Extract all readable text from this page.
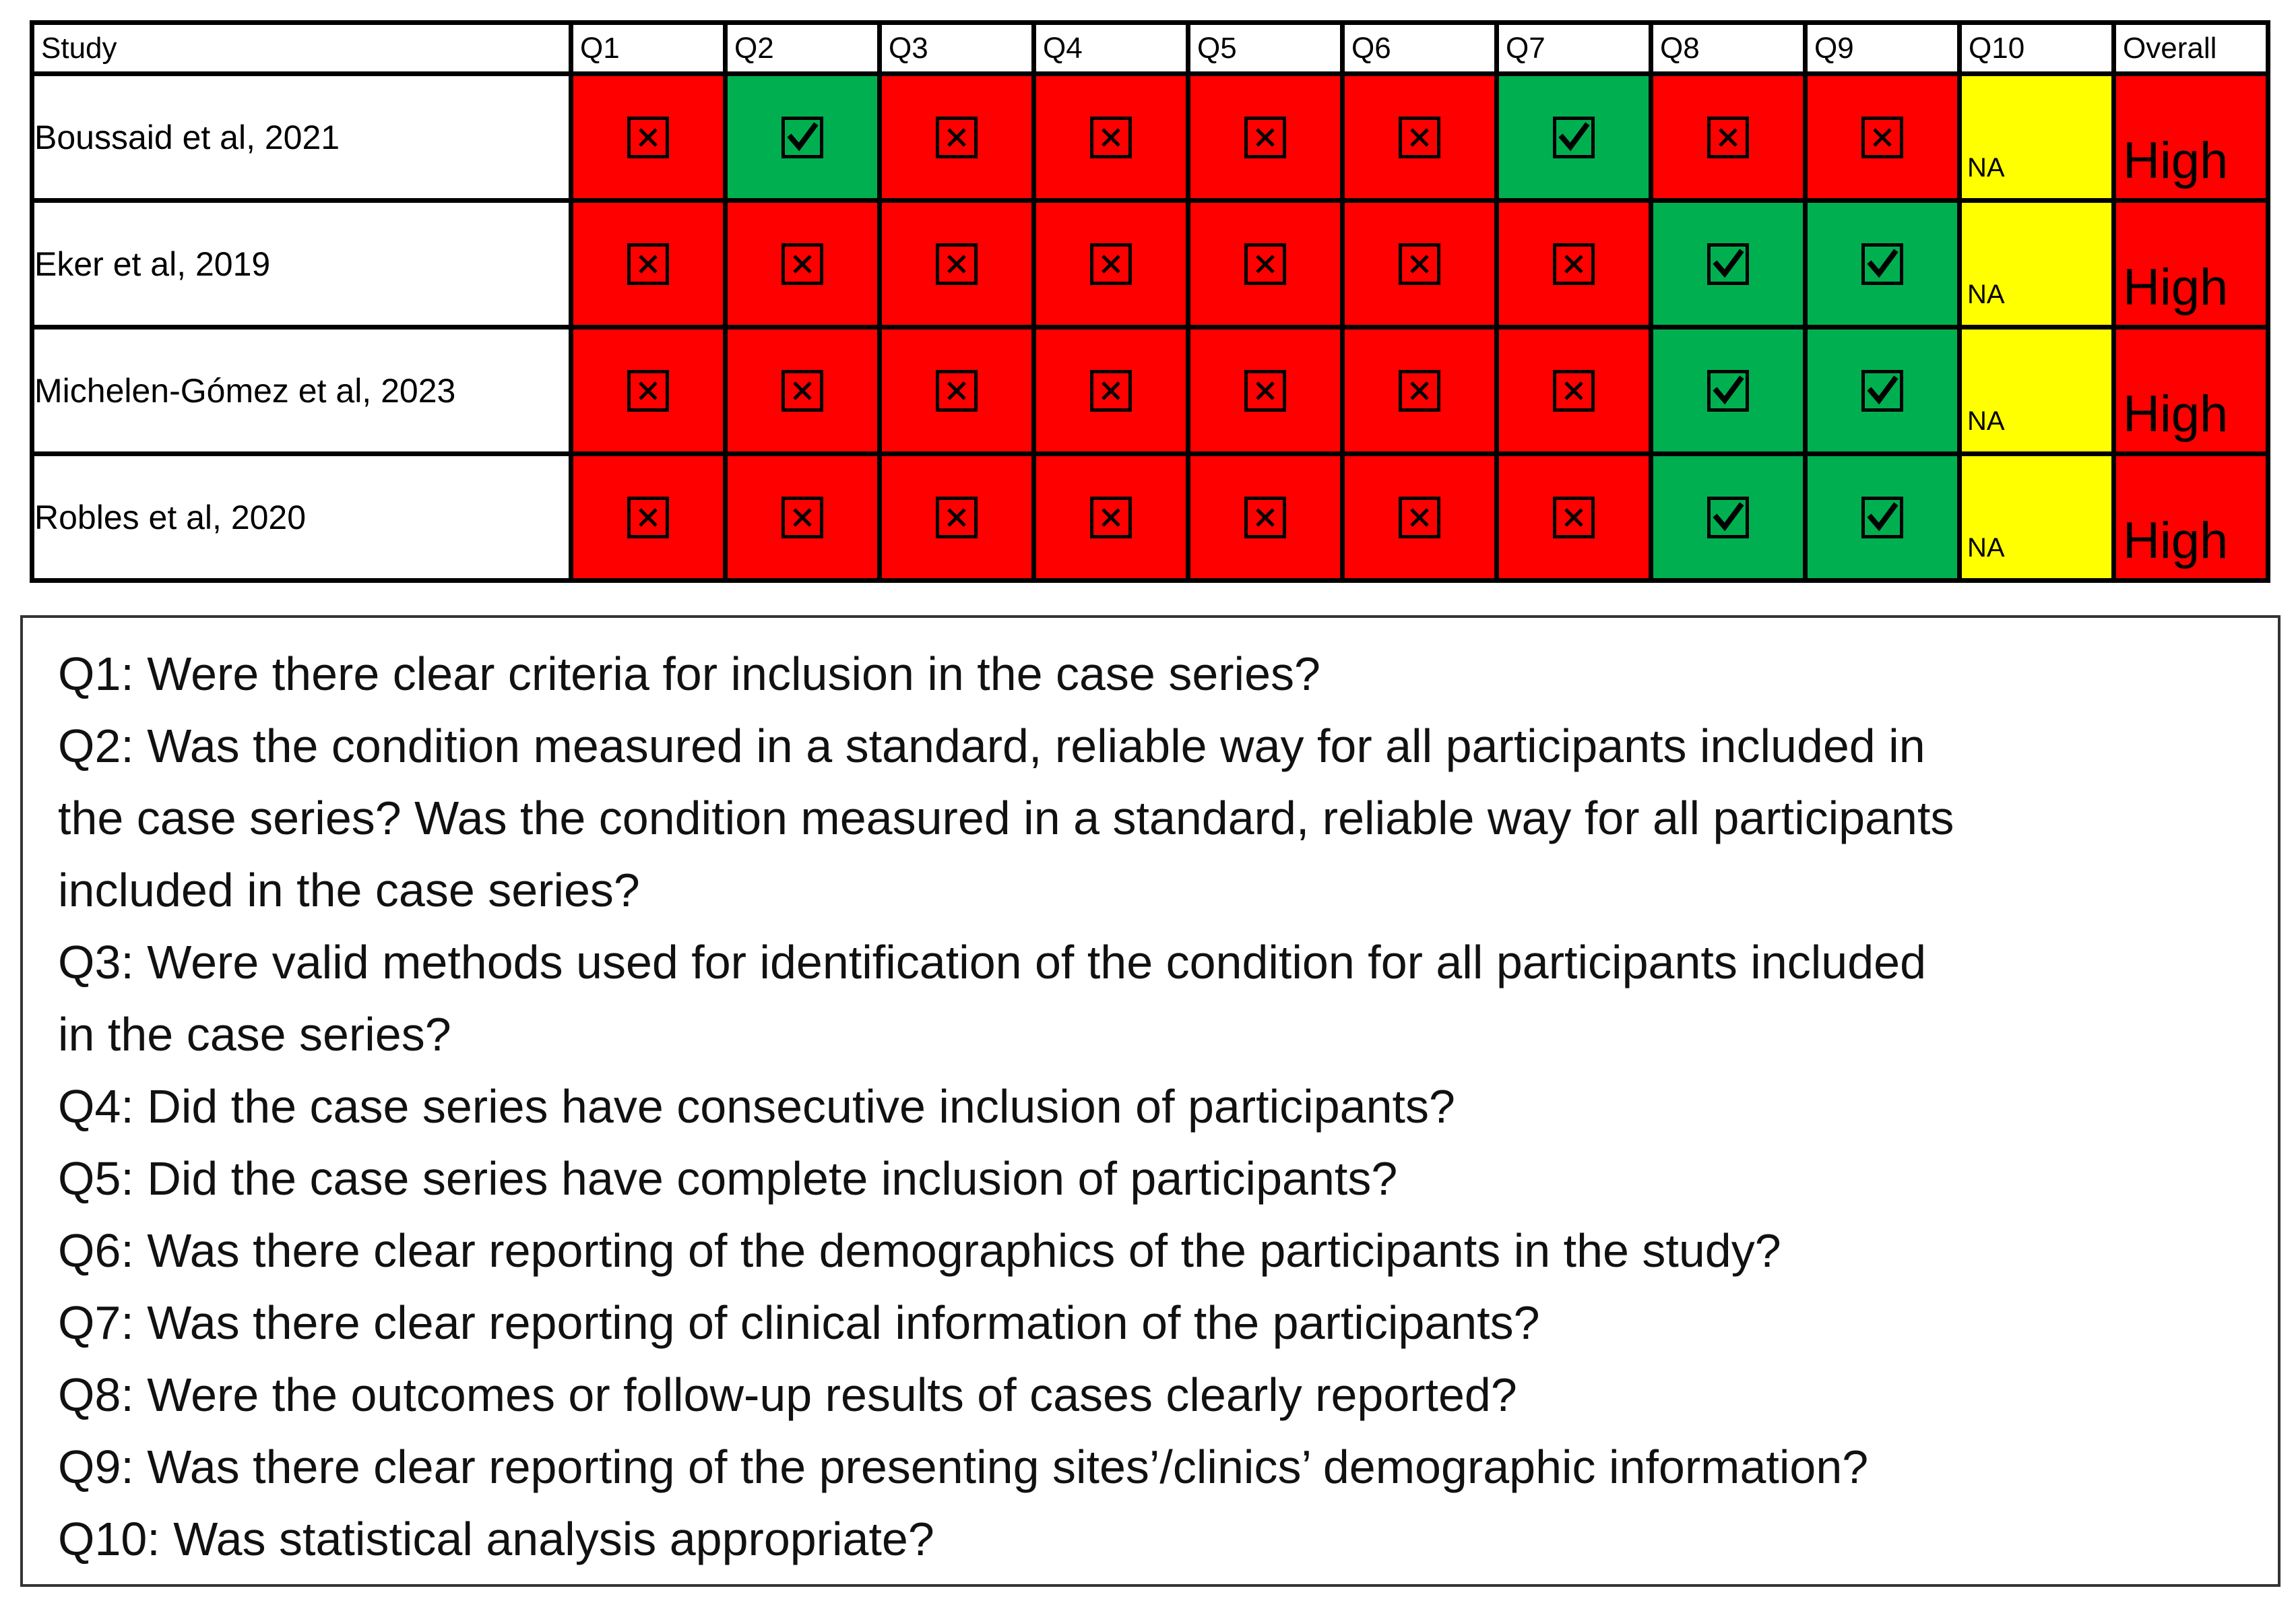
Study	Q1	Q2	Q3	Q4	Q5	Q6	Q7	Q8	Q9	Q10	Overall
Boussaid et al, 2021										NA	High
Eker et al, 2019										NA	High
Michelen-Gómez et al, 2023										NA	High
Robles et al, 2020										NA	High
Q1: Were there clear criteria for inclusion in the case series?
Q2: Was the condition measured in a standard, reliable way for all participants included in
the case series? Was the condition measured in a standard, reliable way for all participants
included in the case series?
Q3: Were valid methods used for identification of the condition for all participants included
in the case series?
Q4: Did the case series have consecutive inclusion of participants?
Q5: Did the case series have complete inclusion of participants?
Q6: Was there clear reporting of the demographics of the participants in the study?
Q7: Was there clear reporting of clinical information of the participants?
Q8: Were the outcomes or follow-up results of cases clearly reported?
Q9: Was there clear reporting of the presenting sites’/clinics’ demographic information?
Q10: Was statistical analysis appropriate?
